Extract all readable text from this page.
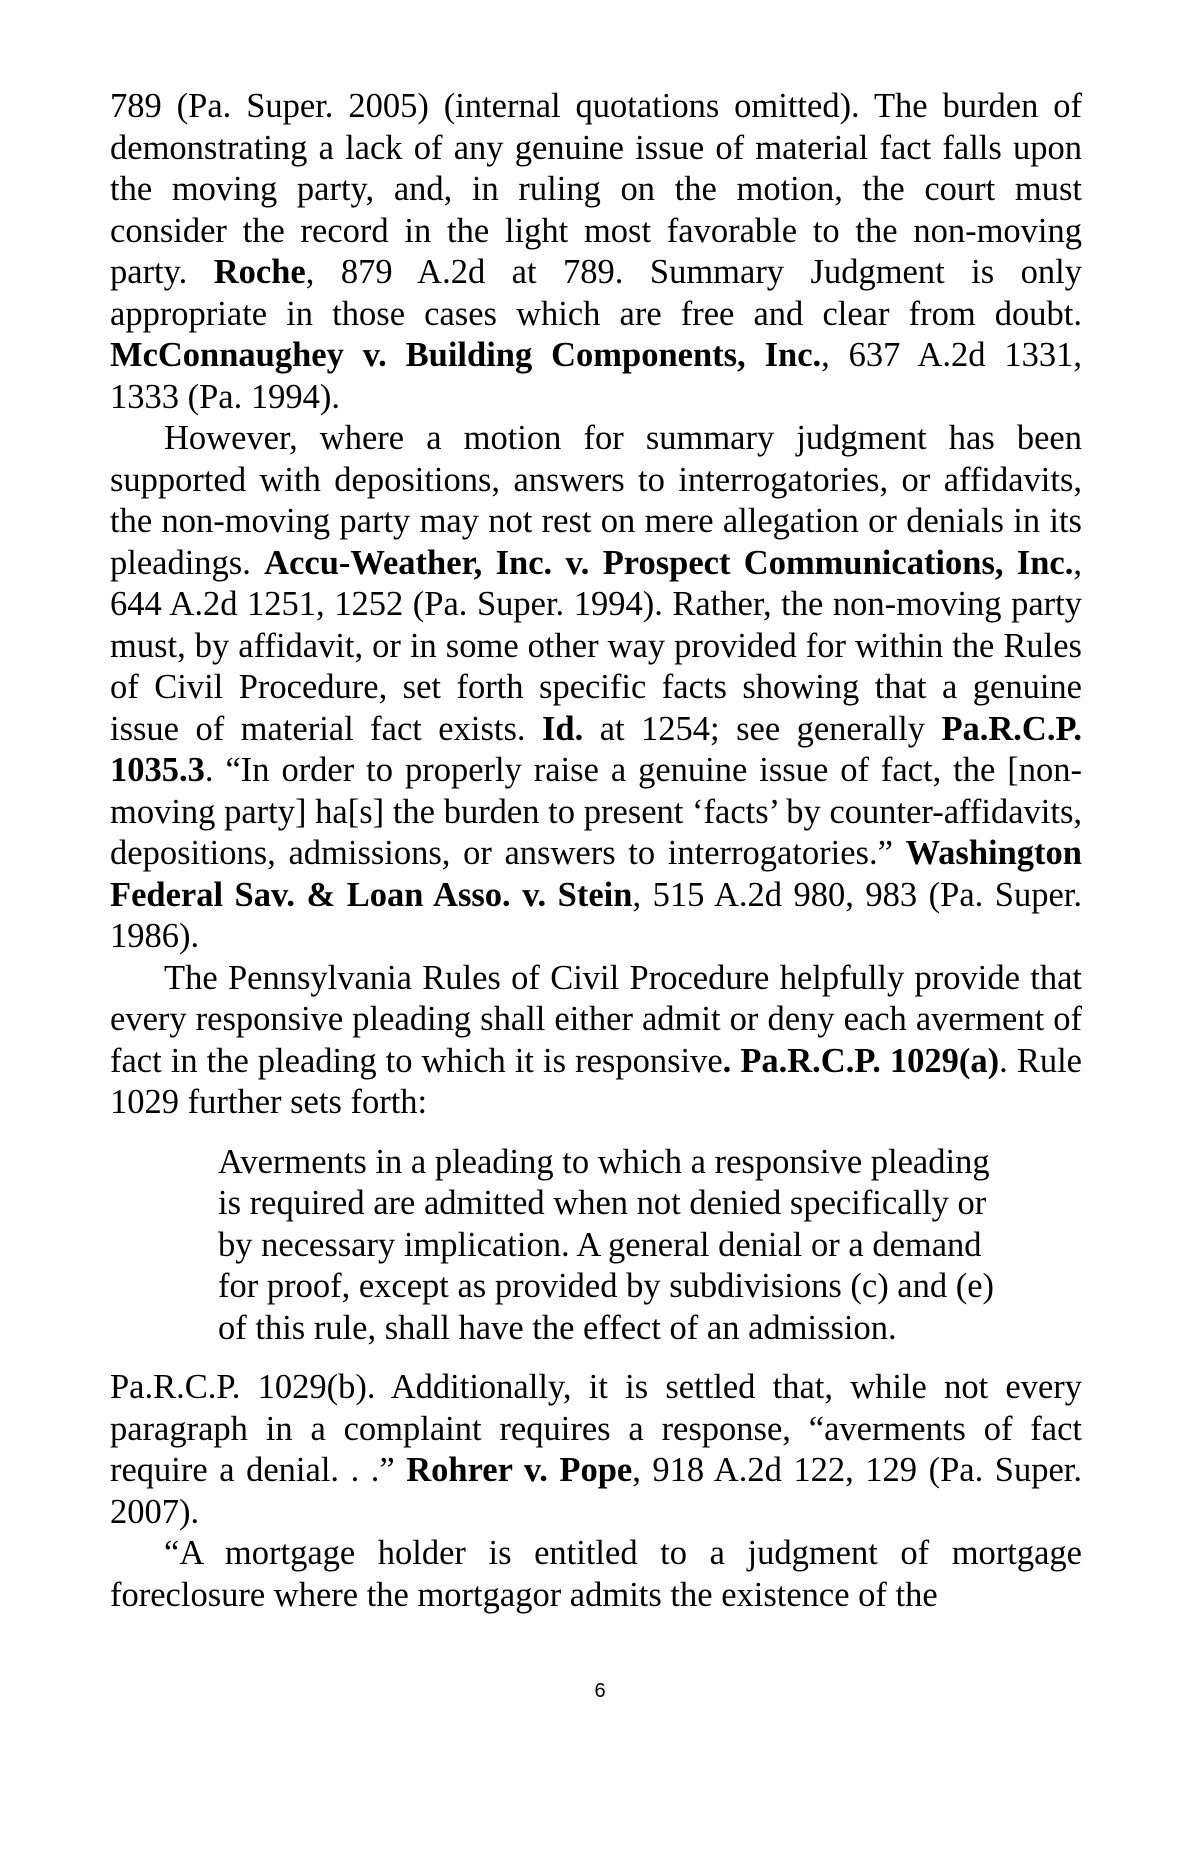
789 (Pa. Super. 2005) (internal quotations omitted). The burden of demonstrating a lack of any genuine issue of material fact falls upon the moving party, and, in ruling on the motion, the court must consider the record in the light most favorable to the non-moving party. Roche, 879 A.2d at 789. Summary Judgment is only appropriate in those cases which are free and clear from doubt. McConnaughey v. Building Components, Inc., 637 A.2d 1331, 1333 (Pa. 1994).

However, where a motion for summary judgment has been supported with depositions, answers to interrogatories, or affidavits, the non-moving party may not rest on mere allegation or denials in its pleadings. Accu-Weather, Inc. v. Prospect Communications, Inc., 644 A.2d 1251, 1252 (Pa. Super. 1994). Rather, the non-moving party must, by affidavit, or in some other way provided for within the Rules of Civil Procedure, set forth specific facts showing that a genuine issue of material fact exists. Id. at 1254; see generally Pa.R.C.P. 1035.3. “In order to properly raise a genuine issue of fact, the [non-moving party] ha[s] the burden to present ‘facts’ by counter-affidavits, depositions, admissions, or answers to interrogatories.” Washington Federal Sav. & Loan Asso. v. Stein, 515 A.2d 980, 983 (Pa. Super. 1986).

The Pennsylvania Rules of Civil Procedure helpfully provide that every responsive pleading shall either admit or deny each averment of fact in the pleading to which it is responsive. Pa.R.C.P. 1029(a). Rule 1029 further sets forth:

Averments in a pleading to which a responsive pleading is required are admitted when not denied specifically or by necessary implication. A general denial or a demand for proof, except as provided by subdivisions (c) and (e) of this rule, shall have the effect of an admission.

Pa.R.C.P. 1029(b). Additionally, it is settled that, while not every paragraph in a complaint requires a response, “averments of fact require a denial. . .” Rohrer v. Pope, 918 A.2d 122, 129 (Pa. Super. 2007).

“A mortgage holder is entitled to a judgment of mortgage foreclosure where the mortgagor admits the existence of the

6
